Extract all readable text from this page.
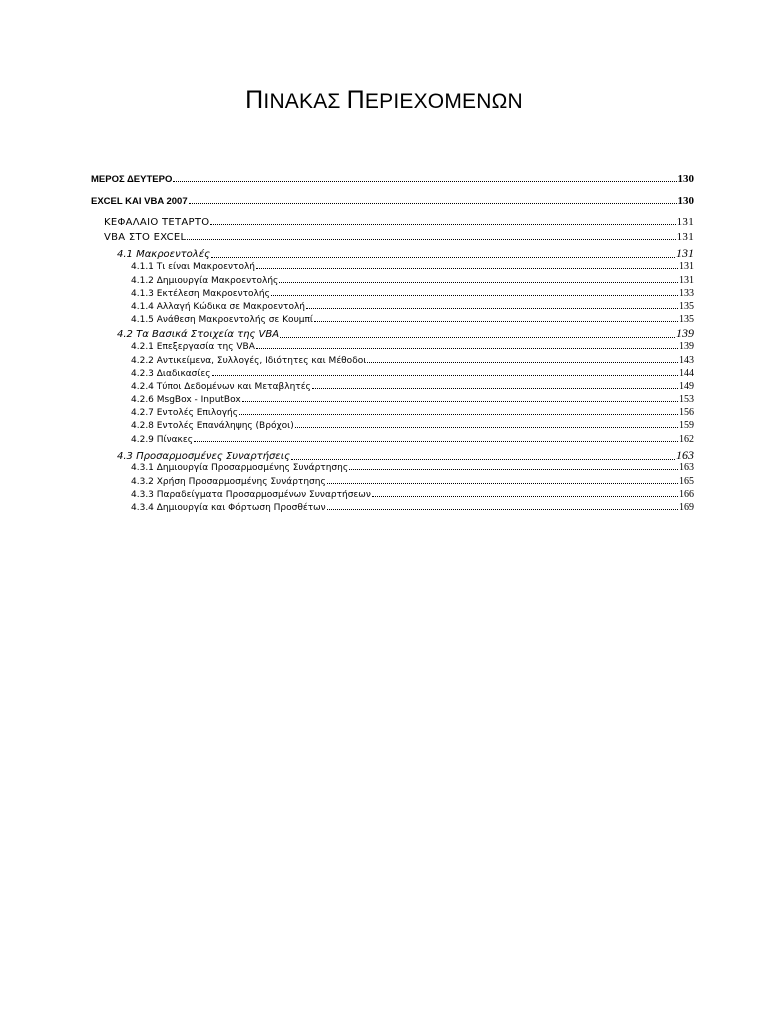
ΠΙΝΑΚΑΣ ΠΕΡΙΕΧΟΜΕΝΩΝ
ΜΕΡΟΣ ΔΕΥΤΕΡΟ	130
EXCEL ΚΑΙ VBA 2007	130
ΚΕΦΑΛΑΙΟ ΤΕΤΑΡΤΟ	131
VBA ΣΤΟ EXCEL	131
4.1 Μακροεντολές	131
4.1.1 Τι είναι Μακροεντολή	131
4.1.2 Δημιουργία Μακροεντολής	131
4.1.3 Εκτέλεση Μακροεντολής	133
4.1.4 Αλλαγή Κώδικα σε Μακροεντολή	135
4.1.5 Ανάθεση Μακροεντολής σε Κουμπί	135
4.2 Τα Βασικά Στοιχεία της VBA	139
4.2.1 Επεξεργασία της VBA	139
4.2.2 Αντικείμενα, Συλλογές, Ιδιότητες και Μέθοδοι	143
4.2.3 Διαδικασίες	144
4.2.4 Τύποι Δεδομένων και Μεταβλητές	149
4.2.6 MsgBox - InputBox	153
4.2.7 Εντολές Επιλογής	156
4.2.8 Εντολές Επανάληψης (Βρόχοι)	159
4.2.9 Πίνακες	162
4.3 Προσαρμοσμένες Συναρτήσεις	163
4.3.1 Δημιουργία Προσαρμοσμένης Συνάρτησης	163
4.3.2 Χρήση Προσαρμοσμένης Συνάρτησης	165
4.3.3 Παραδείγματα Προσαρμοσμένων Συναρτήσεων	166
4.3.4 Δημιουργία και Φόρτωση Προσθέτων	169
